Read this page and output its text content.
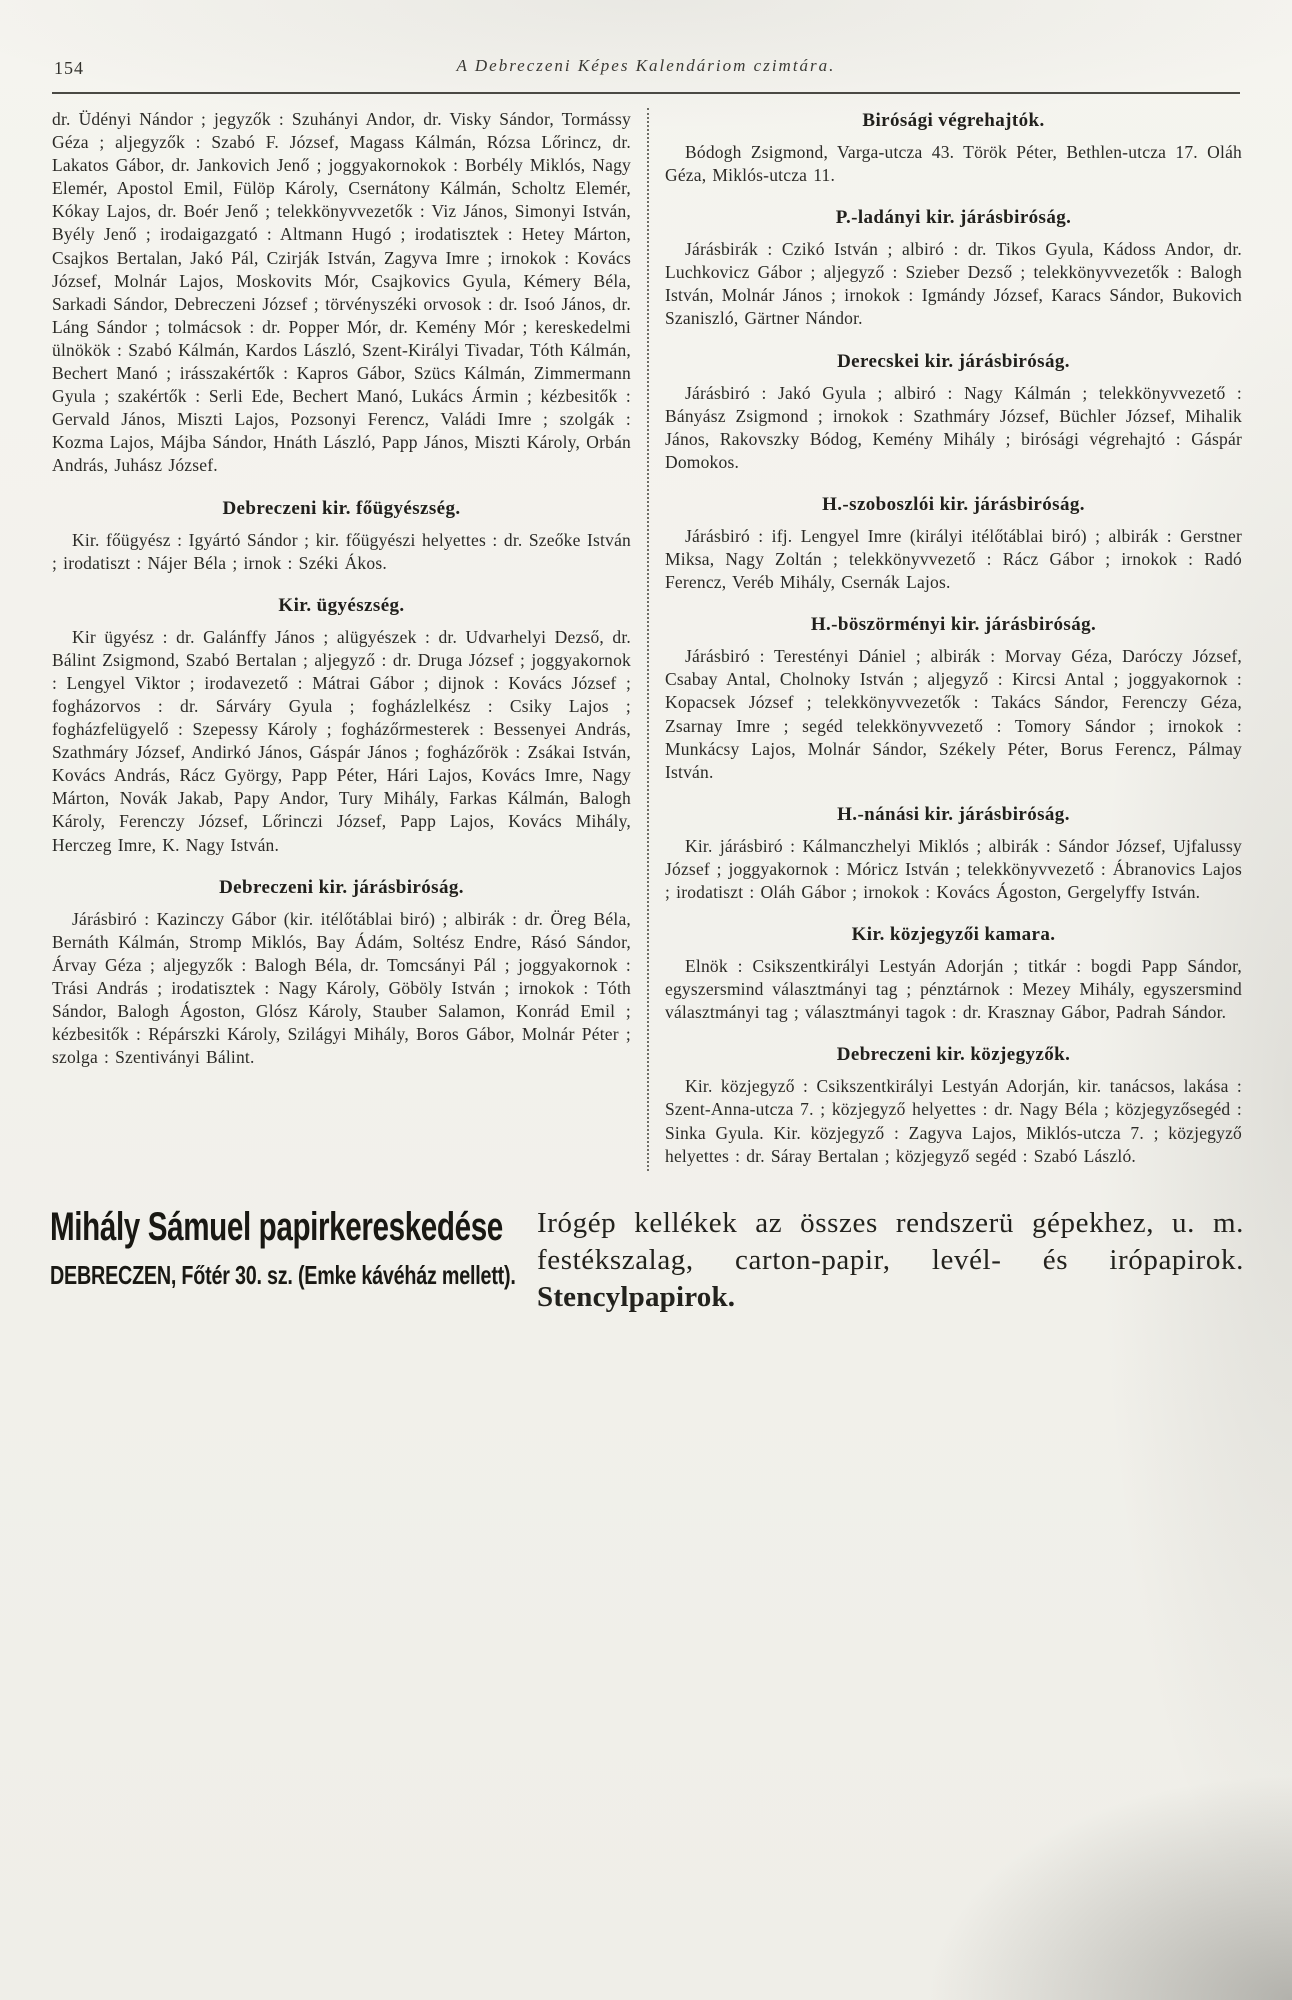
154	A Debreczeni Képes Kalendáriom czimtára.

dr. Üdényi Nándor ; jegyzők : Szuhányi Andor, dr. Visky Sándor, Tormássy Géza ; aljegyzők : Szabó F. József, Magass Kálmán, Rózsa Lőrincz, dr. Lakatos Gábor, dr. Jankovich Jenő ; joggyakornokok : Borbély Miklós, Nagy Elemér, Apostol Emil, Fülöp Károly, Csernátony Kálmán, Scholtz Elemér, Kókay Lajos, dr. Boér Jenő ; telekkönyvvezetők : Viz János, Simonyi István, Byély Jenő ; irodaigazgató : Altmann Hugó ; irodatisztek : Hetey Márton, Csajkos Bertalan, Jakó Pál, Czirják István, Zagyva Imre ; irnokok : Kovács József, Molnár Lajos, Moskovits Mór, Csajkovics Gyula, Kémery Béla, Sarkadi Sándor, Debreczeni József ; törvényszéki orvosok : dr. Isoó János, dr. Láng Sándor ; tolmácsok : dr. Popper Mór, dr. Kemény Mór ; kereskedelmi ülnökök : Szabó Kálmán, Kardos László, Szent-Királyi Tivadar, Tóth Kálmán, Bechert Manó ; irásszakértők : Kapros Gábor, Szücs Kálmán, Zimmermann Gyula ; szakértők : Serli Ede, Bechert Manó, Lukács Ármin ; kézbesitők : Gervald János, Miszti Lajos, Pozsonyi Ferencz, Valádi Imre ; szolgák : Kozma Lajos, Májba Sándor, Hnáth László, Papp János, Miszti Károly, Orbán András, Juhász József.

Debreczeni kir. főügyészség.

Kir. főügyész : Igyártó Sándor ; kir. főügyészi helyettes : dr. Szeőke István ; irodatiszt : Nájer Béla ; irnok : Széki Ákos.

Kir. ügyészség.

Kir ügyész : dr. Galánffy János ; alügyészek : dr. Udvarhelyi Dezső, dr. Bálint Zsigmond, Szabó Bertalan ; aljegyző : dr. Druga József ; joggyakornok : Lengyel Viktor ; irodavezető : Mátrai Gábor ; dijnok : Kovács József ; fogházorvos : dr. Sárváry Gyula ; fogházlelkész : Csiky Lajos ; fogházfelügyelő : Szepessy Károly ; fogházőrmesterek : Bessenyei András, Szathmáry József, Andirkó János, Gáspár János ; fogházőrök : Zsákai István, Kovács András, Rácz György, Papp Péter, Hári Lajos, Kovács Imre, Nagy Márton, Novák Jakab, Papy Andor, Tury Mihály, Farkas Kálmán, Balogh Károly, Ferenczy József, Lőrinczi József, Papp Lajos, Kovács Mihály, Herczeg Imre, K. Nagy István.

Debreczeni kir. járásbiróság.

Járásbiró : Kazinczy Gábor (kir. itélőtáblai biró) ; albirák : dr. Öreg Béla, Bernáth Kálmán, Stromp Miklós, Bay Ádám, Soltész Endre, Rásó Sándor, Árvay Géza ; aljegyzők : Balogh Béla, dr. Tomcsányi Pál ; joggyakornok : Trási András ; irodatisztek : Nagy Károly, Göböly István ; irnokok : Tóth Sándor, Balogh Ágoston, Glósz Károly, Stauber Salamon, Konrád Emil ; kézbesitők : Répárszki Károly, Szilágyi Mihály, Boros Gábor, Molnár Péter ; szolga : Szentiványi Bálint.

Birósági végrehajtók.

Bódogh Zsigmond, Varga-utcza 43. Török Péter, Bethlen-utcza 17. Oláh Géza, Miklós-utcza 11.

P.-ladányi kir. járásbiróság.

Járásbirák : Czikó István ; albiró : dr. Tikos Gyula, Kádoss Andor, dr. Luchkovicz Gábor ; aljegyző : Szieber Dezső ; telekkönyvvezetők : Balogh István, Molnár János ; irnokok : Igmándy József, Karacs Sándor, Bukovich Szaniszló, Gärtner Nándor.

Derecskei kir. járásbiróság.

Járásbiró : Jakó Gyula ; albiró : Nagy Kálmán ; telekkönyvvezető : Bányász Zsigmond ; irnokok : Szathmáry József, Büchler József, Mihalik János, Rakovszky Bódog, Kemény Mihály ; birósági végrehajtó : Gáspár Domokos.

H.-szoboszlói kir. járásbiróság.

Járásbiró : ifj. Lengyel Imre (királyi itélőtáblai biró) ; albirák : Gerstner Miksa, Nagy Zoltán ; telekkönyvvezető : Rácz Gábor ; irnokok : Radó Ferencz, Veréb Mihály, Csernák Lajos.

H.-böszörményi kir. járásbiróság.

Járásbiró : Terestényi Dániel ; albirák : Morvay Géza, Daróczy József, Csabay Antal, Cholnoky István ; aljegyző : Kircsi Antal ; joggyakornok : Kopacsek József ; telekkönyvvezetők : Takács Sándor, Ferenczy Géza, Zsarnay Imre ; segéd telekkönyvvezető : Tomory Sándor ; irnokok : Munkácsy Lajos, Molnár Sándor, Székely Péter, Borus Ferencz, Pálmay István.

H.-nánási kir. járásbiróság.

Kir. járásbiró : Kálmanczhelyi Miklós ; albirák : Sándor József, Ujfalussy József ; joggyakornok : Móricz István ; telekkönyvvezető : Ábranovics Lajos ; irodatiszt : Oláh Gábor ; irnokok : Kovács Ágoston, Gergelyffy István.

Kir. közjegyzői kamara.

Elnök : Csikszentkirályi Lestyán Adorján ; titkár : bogdi Papp Sándor, egyszersmind választmányi tag ; pénztárnok : Mezey Mihály, egyszersmind választmányi tag ; választmányi tagok : dr. Krasznay Gábor, Padrah Sándor.

Debreczeni kir. közjegyzők.

Kir. közjegyző : Csikszentkirályi Lestyán Adorján, kir. tanácsos, lakása : Szent-Anna-utcza 7. ; közjegyző helyettes : dr. Nagy Béla ; közjegyzősegéd : Sinka Gyula. Kir. közjegyző : Zagyva Lajos, Miklós-utcza 7. ; közjegyző helyettes : dr. Sáray Bertalan ; közjegyző segéd : Szabó László.

Mihály Sámuel papirkereskedése
DEBRECZEN, Főtér 30. sz. (Emke kávéház mellett).
Irógép kellékek az összes rendszerü gépekhez, u. m. festékszalag, carton-papir, levél- és irópapirok. Stencylpapirok.
